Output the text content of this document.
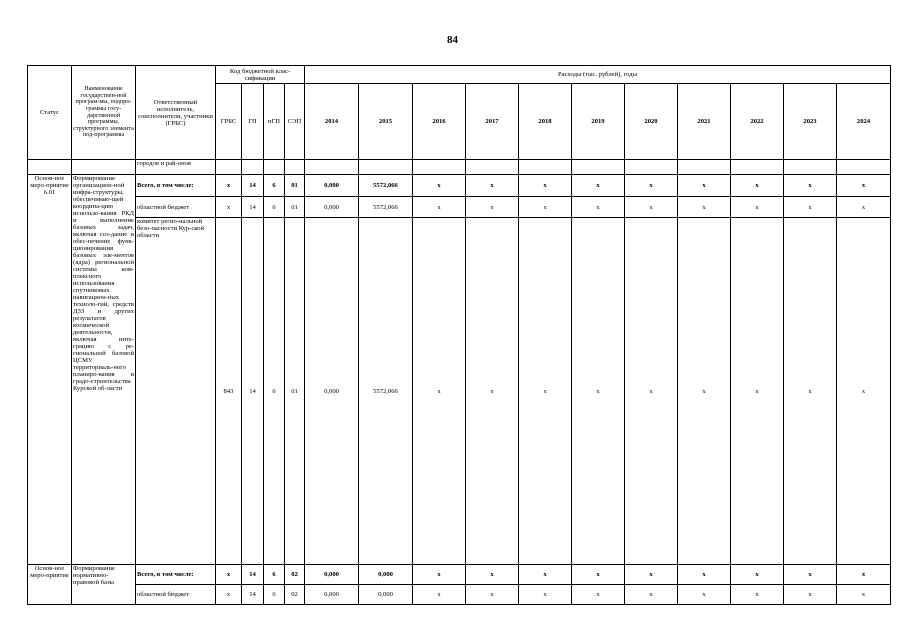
84
Статус	Наименование государствен-ной програм-мы, подпро-граммы госу-дарственной программы, структурного элемента под-программы	Ответственный исполнитель, соисполнители, участники (ГРБС)	Код бюджетной клас-сификации				Расходы (тыс. рублей), годы										
			ГРБС	ГП	пГП	СЭП	2014	2015	2016	2017	2018	2019	2020	2021	2022	2023	2024
		городов и рай-онов															
Основ-ное меро-приятие 6.01	Формирование организацион-ной инфра-структуры, обеспечиваю-щей координа-цию использо-вания РКД и выполнение базовых задач, включая соз-дание и обес-печение функ-ционирования базовых эле-ментов (ядра) региональной системы ком-плексного использования спутниковых навигацион-ных техноло-гий, средств ДЗЗ и других результатов космической деятельности, включая инте-грацию с ре-гиональной базовой ЦСМУ территориаль-ного планиро-вания и градо-строительства Курской об-ласти	Всего, в том числе:	x	14	6	01	0,000	5572,066	x	x	x	x	x	x	x	x	x
		областной бюджет	x	14	6	01	0,000	5572,066	x	x	x	x	x	x	x	x	x
		комитет регио-нальной безо-пасности Кур-ской области	843	14	6	01	0,000	5572,066	x	x	x	x	x	x	x	x	x
Основ-ное меро-приятие	Формирование нормативно-правовой базы	Всего, в том числе:	x	14	6	02	0,000	0,000	x	x	x	x	x	x	x	x	x
		областной бюджет	x	14	6	02	0,000	0,000	x	x	x	x	x	x	x	x	x
